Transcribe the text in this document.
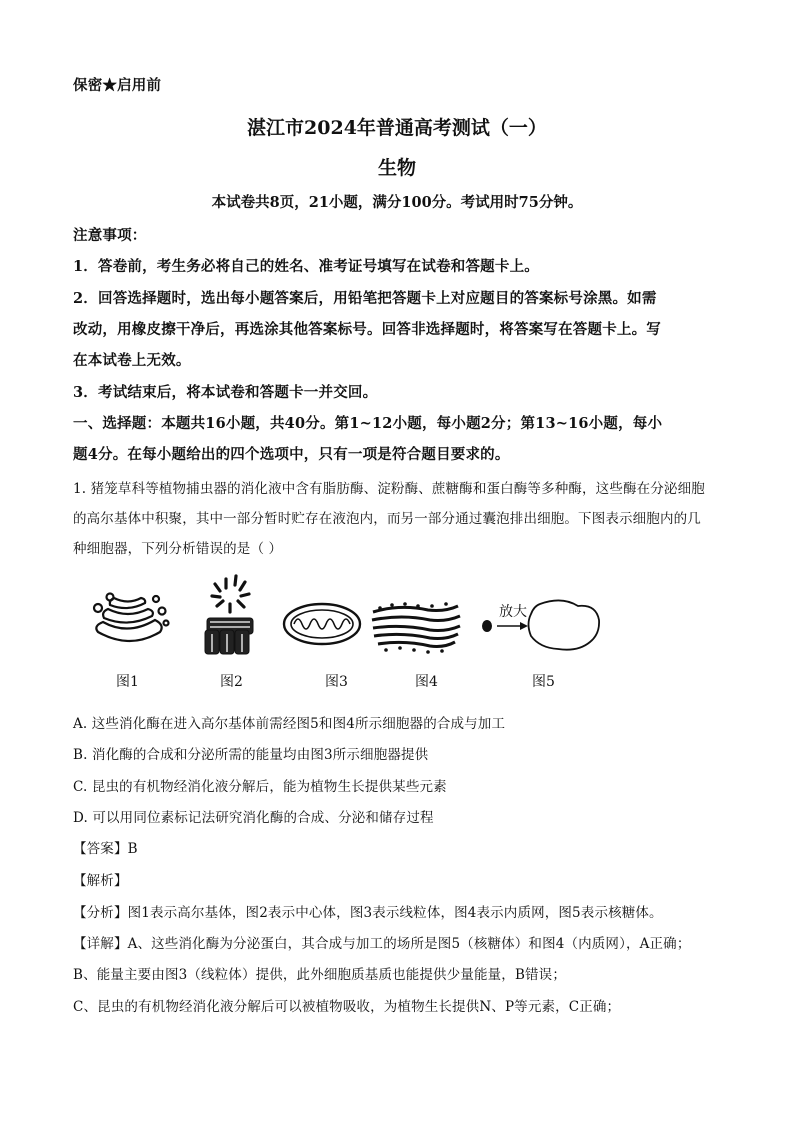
保密★启用前
湛江市2024年普通高考测试（一）
生物
本试卷共8页，21小题，满分100分。考试用时75分钟。
注意事项：
1．答卷前，考生务必将自己的姓名、准考证号填写在试卷和答题卡上。
2．回答选择题时，选出每小题答案后，用铅笔把答题卡上对应题目的答案标号涂黑。如需
改动，用橡皮擦干净后，再选涂其他答案标号。回答非选择题时，将答案写在答题卡上。写
在本试卷上无效。
3．考试结束后，将本试卷和答题卡一并交回。
一、选择题：本题共16小题，共40分。第1~12小题，每小题2分；第13~16小题，每小
题4分。在每小题给出的四个选项中，只有一项是符合题目要求的。
1. 猪笼草科等植物捕虫器的消化液中含有脂肪酶、淀粉酶、蔗糖酶和蛋白酶等多种酶，这些酶在分泌细胞
的高尔基体中积聚，其中一部分暂时贮存在液泡内，而另一部分通过囊泡排出细胞。下图表示细胞内的几
种细胞器，下列分析错误的是（ ）
放大
图1	图2	图3	图4	图5
A. 这些消化酶在进入高尔基体前需经图5和图4所示细胞器的合成与加工
B. 消化酶的合成和分泌所需的能量均由图3所示细胞器提供
C. 昆虫的有机物经消化液分解后，能为植物生长提供某些元素
D. 可以用同位素标记法研究消化酶的合成、分泌和储存过程
【答案】B
【解析】
【分析】图1表示高尔基体，图2表示中心体，图3表示线粒体，图4表示内质网，图5表示核糖体。
【详解】A、这些消化酶为分泌蛋白，其合成与加工的场所是图5（核糖体）和图4（内质网），A正确；
B、能量主要由图3（线粒体）提供，此外细胞质基质也能提供少量能量，B错误；
C、昆虫的有机物经消化液分解后可以被植物吸收，为植物生长提供N、P等元素，C正确；
